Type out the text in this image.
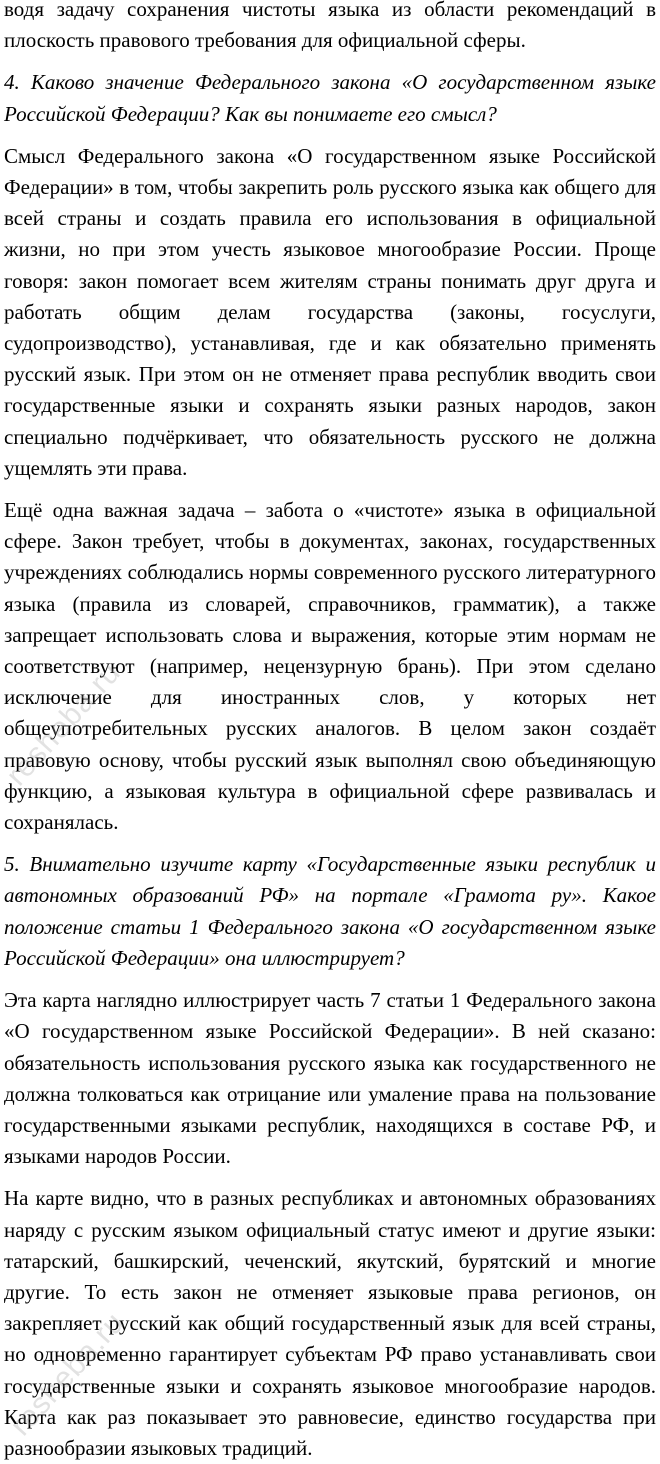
водя задачу сохранения чистоты языка из области рекомендаций в плоскость правового требования для официальной сферы.

4. Каково значение Федерального закона «О государственном языке Российской Федерации? Как вы понимаете его смысл?

Смысл Федерального закона «О государственном языке Российской Федерации» в том, чтобы закрепить роль русского языка как общего для всей страны и создать правила его использования в официальной жизни, но при этом учесть языковое многообразие России. Проще говоря: закон помогает всем жителям страны понимать друг друга и работать общим делам государства (законы, госуслуги, судопроизводство), устанавливая, где и как обязательно применять русский язык. При этом он не отменяет права республик вводить свои государственные языки и сохранять языки разных народов, закон специально подчёркивает, что обязательность русского не должна ущемлять эти права.

Ещё одна важная задача – забота о «чистоте» языка в официальной сфере. Закон требует, чтобы в документах, законах, государственных учреждениях соблюдались нормы современного русского литературного языка (правила из словарей, справочников, грамматик), а также запрещает использовать слова и выражения, которые этим нормам не соответствуют (например, нецензурную брань). При этом сделано исключение для иностранных слов, у которых нет общеупотребительных русских аналогов. В целом закон создаёт правовую основу, чтобы русский язык выполнял свою объединяющую функцию, а языковая культура в официальной сфере развивалась и сохранялась.

5. Внимательно изучите карту «Государственные языки республик и автономных образований РФ» на портале «Грамота ру». Какое положение статьи 1 Федерального закона «О государственном языке Российской Федерации» она иллюстрирует?

Эта карта наглядно иллюстрирует часть 7 статьи 1 Федерального закона «О государственном языке Российской Федерации». В ней сказано: обязательность использования русского языка как государственного не должна толковаться как отрицание или умаление права на пользование государственными языками республик, находящихся в составе РФ, и языками народов России.

На карте видно, что в разных республиках и автономных образованиях наряду с русским языком официальный статус имеют и другие языки: татарский, башкирский, чеченский, якутский, бурятский и многие другие. То есть закон не отменяет языковые права регионов, он закрепляет русский как общий государственный язык для всей страны, но одновременно гарантирует субъектам РФ право устанавливать свои государственные языки и сохранять языковое многообразие народов. Карта как раз показывает это равновесие, единство государства при разнообразии языковых традиций.

resheba.ru
resheba.ru
